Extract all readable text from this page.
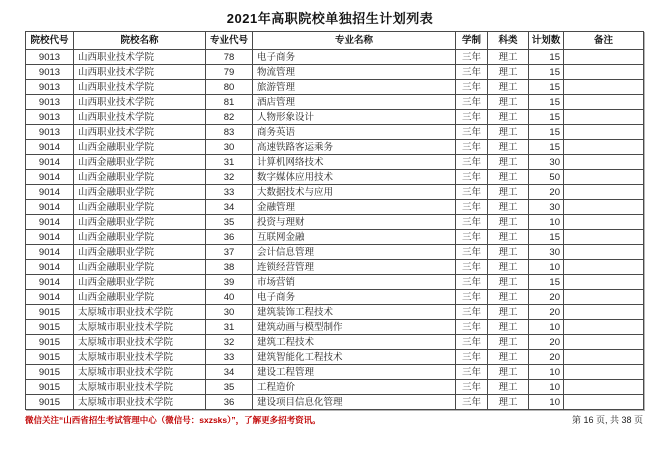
2021年高职院校单独招生计划列表
院校代号	院校名称	专业代号	专业名称	学制	科类	计划数	备注
9013	山西职业技术学院	78	电子商务	三年	理工	15	
9013	山西职业技术学院	79	物流管理	三年	理工	15	
9013	山西职业技术学院	80	旅游管理	三年	理工	15	
9013	山西职业技术学院	81	酒店管理	三年	理工	15	
9013	山西职业技术学院	82	人物形象设计	三年	理工	15	
9013	山西职业技术学院	83	商务英语	三年	理工	15	
9014	山西金融职业学院	30	高速铁路客运乘务	三年	理工	15	
9014	山西金融职业学院	31	计算机网络技术	三年	理工	30	
9014	山西金融职业学院	32	数字媒体应用技术	三年	理工	50	
9014	山西金融职业学院	33	大数据技术与应用	三年	理工	20	
9014	山西金融职业学院	34	金融管理	三年	理工	30	
9014	山西金融职业学院	35	投资与理财	三年	理工	10	
9014	山西金融职业学院	36	互联网金融	三年	理工	15	
9014	山西金融职业学院	37	会计信息管理	三年	理工	30	
9014	山西金融职业学院	38	连锁经营管理	三年	理工	10	
9014	山西金融职业学院	39	市场营销	三年	理工	15	
9014	山西金融职业学院	40	电子商务	三年	理工	20	
9015	太原城市职业技术学院	30	建筑装饰工程技术	三年	理工	20	
9015	太原城市职业技术学院	31	建筑动画与模型制作	三年	理工	10	
9015	太原城市职业技术学院	32	建筑工程技术	三年	理工	20	
9015	太原城市职业技术学院	33	建筑智能化工程技术	三年	理工	20	
9015	太原城市职业技术学院	34	建设工程管理	三年	理工	10	
9015	太原城市职业技术学院	35	工程造价	三年	理工	10	
9015	太原城市职业技术学院	36	建设项目信息化管理	三年	理工	10	
微信关注“山西省招生考试管理中心（微信号：sxzsks）”，了解更多招考资讯。	第 16 页, 共 38 页
